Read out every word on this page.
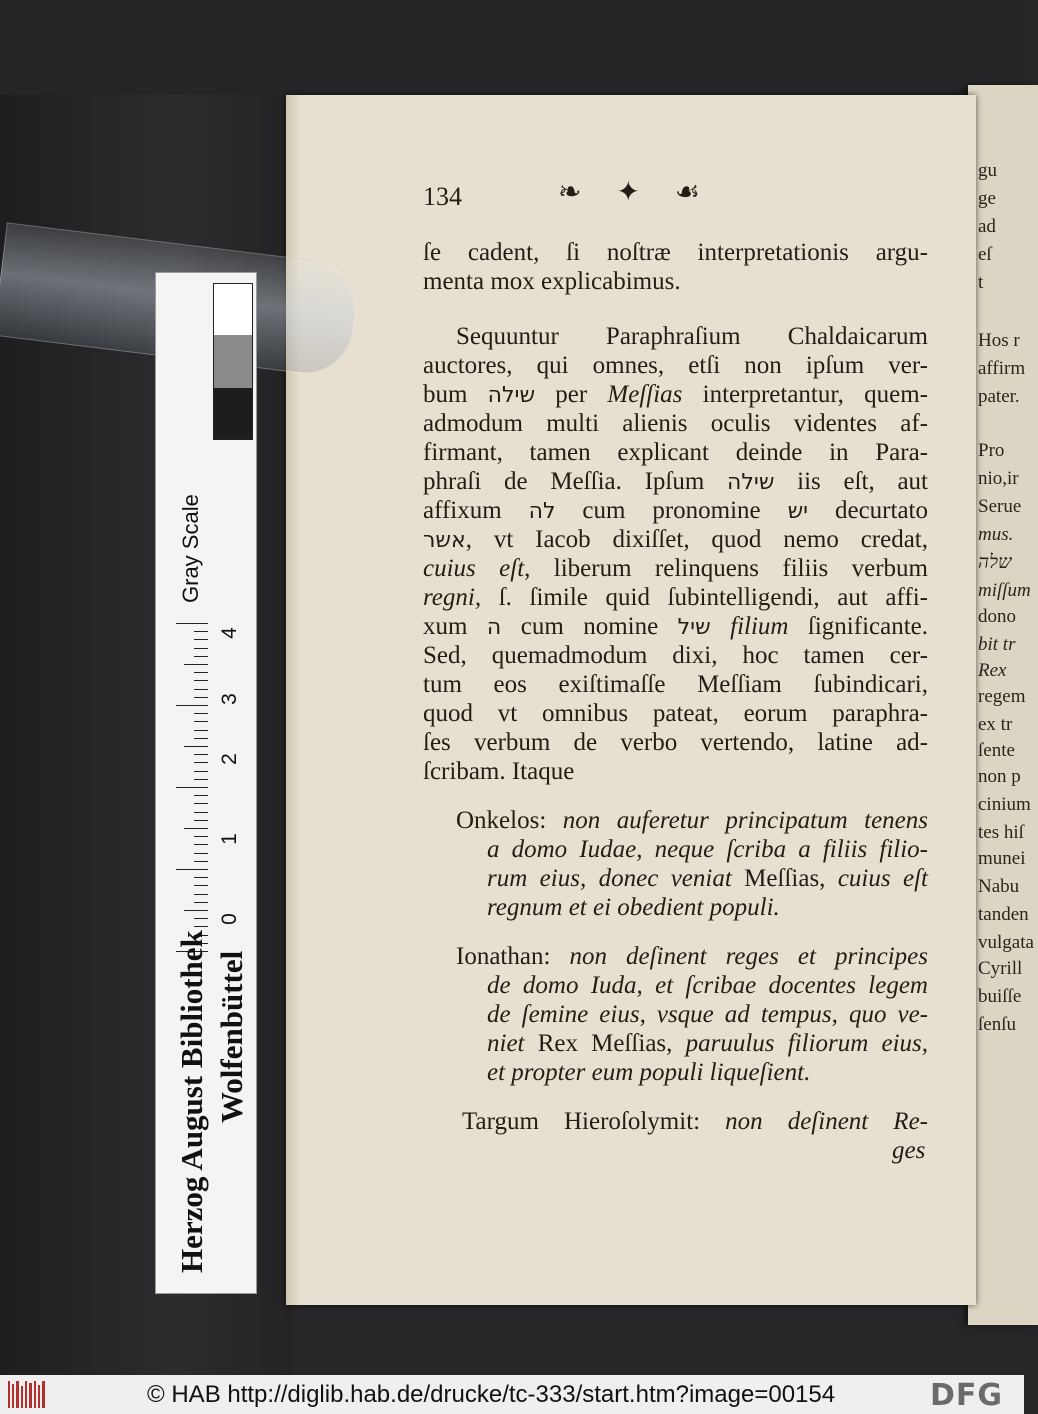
gu
ge
ad
eſ
t
Hos r
affirm
pater.
Pro
nio,ir
Serue
mus.
שלה
miſſum
dono
bit tr
Rex
regem
ex tr
ſente
non p
cinium
tes hiſ
munei
Nabu
tanden
vulgata
Cyrill
buiſſe
ſenſu
134	❧ ✦ ☙
ſe cadent, ſi noſtræ interpretationis argu-
menta mox explicabimus.
Sequuntur Paraphraſium Chaldaicarum
auctores, qui omnes, etſi non ipſum ver-
bum שילה per Meſſias interpretantur, quem-
admodum multi alienis oculis videntes af-
firmant, tamen explicant deinde in Para-
phraſi de Meſſia. Ipſum שילה iis eſt, aut
affixum לה cum pronomine יש decurtato
אשר, vt Iacob dixiſſet, quod nemo credat,
cuius eſt, liberum relinquens filiis verbum
regni, ſ. ſimile quid ſubintelligendi, aut affi-
xum ה cum nomine שיל filium ſignificante.
Sed, quemadmodum dixi, hoc tamen cer-
tum eos exiſtimaſſe Meſſiam ſubindicari,
quod vt omnibus pateat, eorum paraphra-
ſes verbum de verbo vertendo, latine ad-
ſcribam. Itaque
Onkelos: non auferetur principatum tenens
a domo Iudae, neque ſcriba a filiis filio-
rum eius, donec veniat Meſſias, cuius eſt
regnum et ei obedient populi.
Ionathan: non deſinent reges et principes
de domo Iuda, et ſcribae docentes legem
de ſemine eius, vsque ad tempus, quo ve-
niet Rex Meſſias, paruulus filiorum eius,
et propter eum populi liqueſient.
Targum Hieroſolymit: non deſinent Re-
ges
Gray Scale
0
1
2
3
4
Herzog August Bibliothek Wolfenbüttel
© HAB http://diglib.hab.de/drucke/tc-333/start.htm?image=00154	DFG
